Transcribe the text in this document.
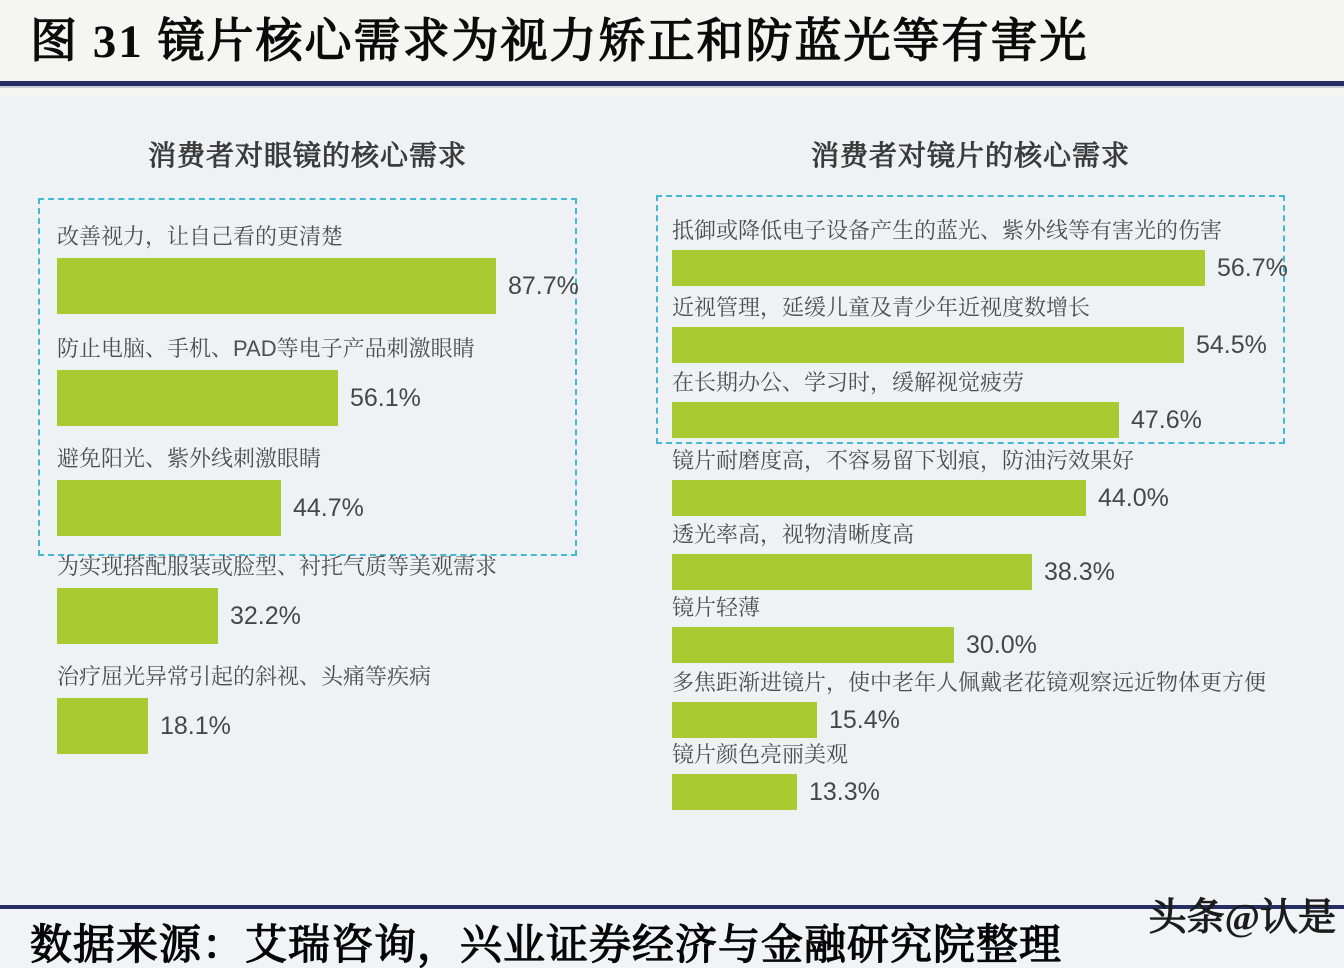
图 31 镜片核心需求为视力矫正和防蓝光等有害光
消费者对眼镜的核心需求	消费者对镜片的核心需求
改善视力，让自己看的更清楚
87.7%
防止电脑、手机、PAD等电子产品刺激眼睛
56.1%
避免阳光、紫外线刺激眼睛
44.7%
为实现搭配服装或脸型、衬托气质等美观需求
32.2%
治疗屈光异常引起的斜视、头痛等疾病
18.1%
抵御或降低电子设备产生的蓝光、紫外线等有害光的伤害
56.7%
近视管理，延缓儿童及青少年近视度数增长
54.5%
在长期办公、学习时，缓解视觉疲劳
47.6%
镜片耐磨度高，不容易留下划痕，防油污效果好
44.0%
透光率高，视物清晰度高
38.3%
镜片轻薄
30.0%
多焦距渐进镜片，使中老年人佩戴老花镜观察远近物体更方便
15.4%
镜片颜色亮丽美观
13.3%
数据来源：艾瑞咨询，兴业证券经济与金融研究院整理
头条@认是
